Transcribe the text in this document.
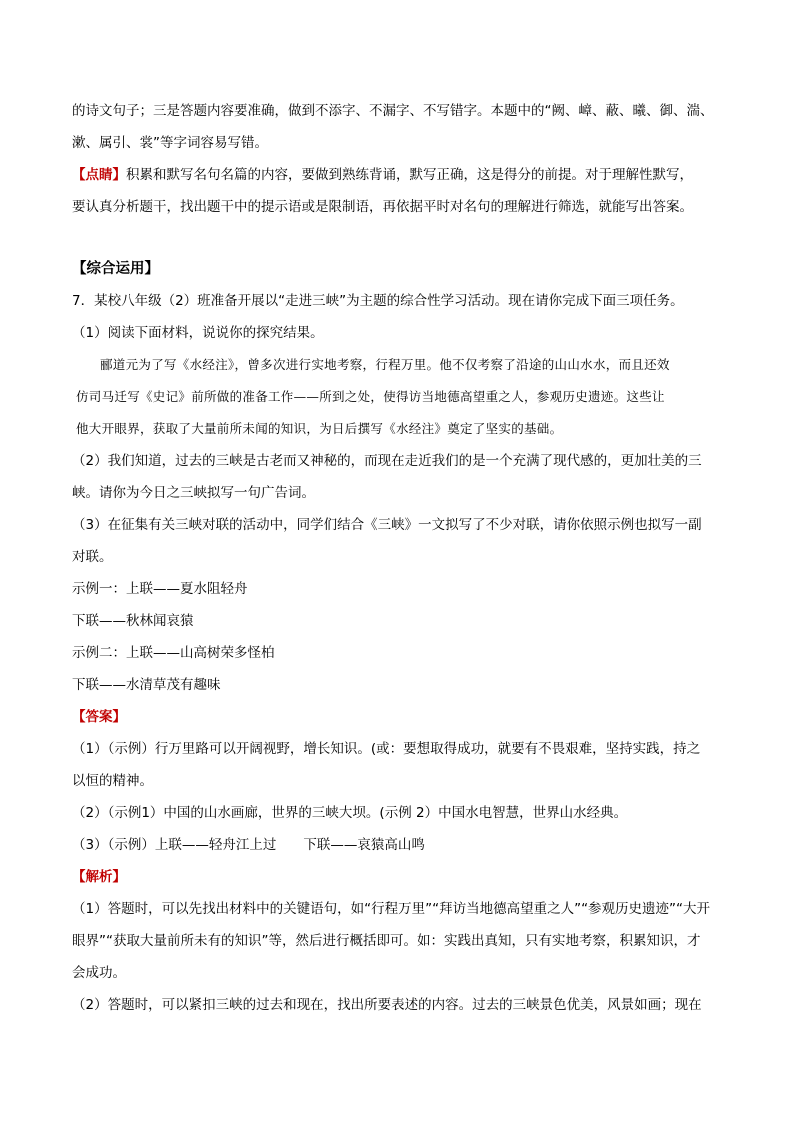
的诗文句子；三是答题内容要准确，做到不添字、不漏字、不写错字。本题中的“阙、嶂、蔽、曦、御、湍、
漱、属引、裳”等字词容易写错。
【点睛】积累和默写名句名篇的内容，要做到熟练背诵，默写正确，这是得分的前提。对于理解性默写，
要认真分析题干，找出题干中的提示语或是限制语，再依据平时对名句的理解进行筛选，就能写出答案。
【综合运用】
7．某校八年级（2）班准备开展以“走进三峡”为主题的综合性学习活动。现在请你完成下面三项任务。
（1）阅读下面材料，说说你的探究结果。
郦道元为了写《水经注》，曾多次进行实地考察，行程万里。他不仅考察了沿途的山山水水，而且还效
仿司马迁写《史记》前所做的准备工作——所到之处，使得访当地德高望重之人，参观历史遗迹。这些让
他大开眼界，获取了大量前所未闻的知识，为日后撰写《水经注》奠定了坚实的基础。
（2）我们知道，过去的三峡是古老而又神秘的，而现在走近我们的是一个充满了现代感的，更加壮美的三
峡。请你为今日之三峡拟写一句广告词。
（3）在征集有关三峡对联的活动中，同学们结合《三峡》一文拟写了不少对联，请你依照示例也拟写一副
对联。
示例一：上联——夏水阻轻舟
下联——秋林闻哀猿
示例二：上联——山高树荣多怪柏
下联——水清草茂有趣味
【答案】
（1）（示例）行万里路可以开阔视野，增长知识。(或：要想取得成功，就要有不畏艰难，坚持实践，持之
以恒的精神。
（2）（示例1）中国的山水画廊，世界的三峡大坝。(示例 2）中国水电智慧，世界山水经典。
（3）（示例）上联——轻舟江上过　　下联——哀猿高山鸣
【解析】
（1）答题时，可以先找出材料中的关键语句，如“行程万里”“拜访当地德高望重之人”“参观历史遗迹”“大开
眼界”“获取大量前所未有的知识”等，然后进行概括即可。如：实践出真知，只有实地考察，积累知识，才
会成功。
（2）答题时，可以紧扣三峡的过去和现在，找出所要表述的内容。过去的三峡景色优美，风景如画；现在
